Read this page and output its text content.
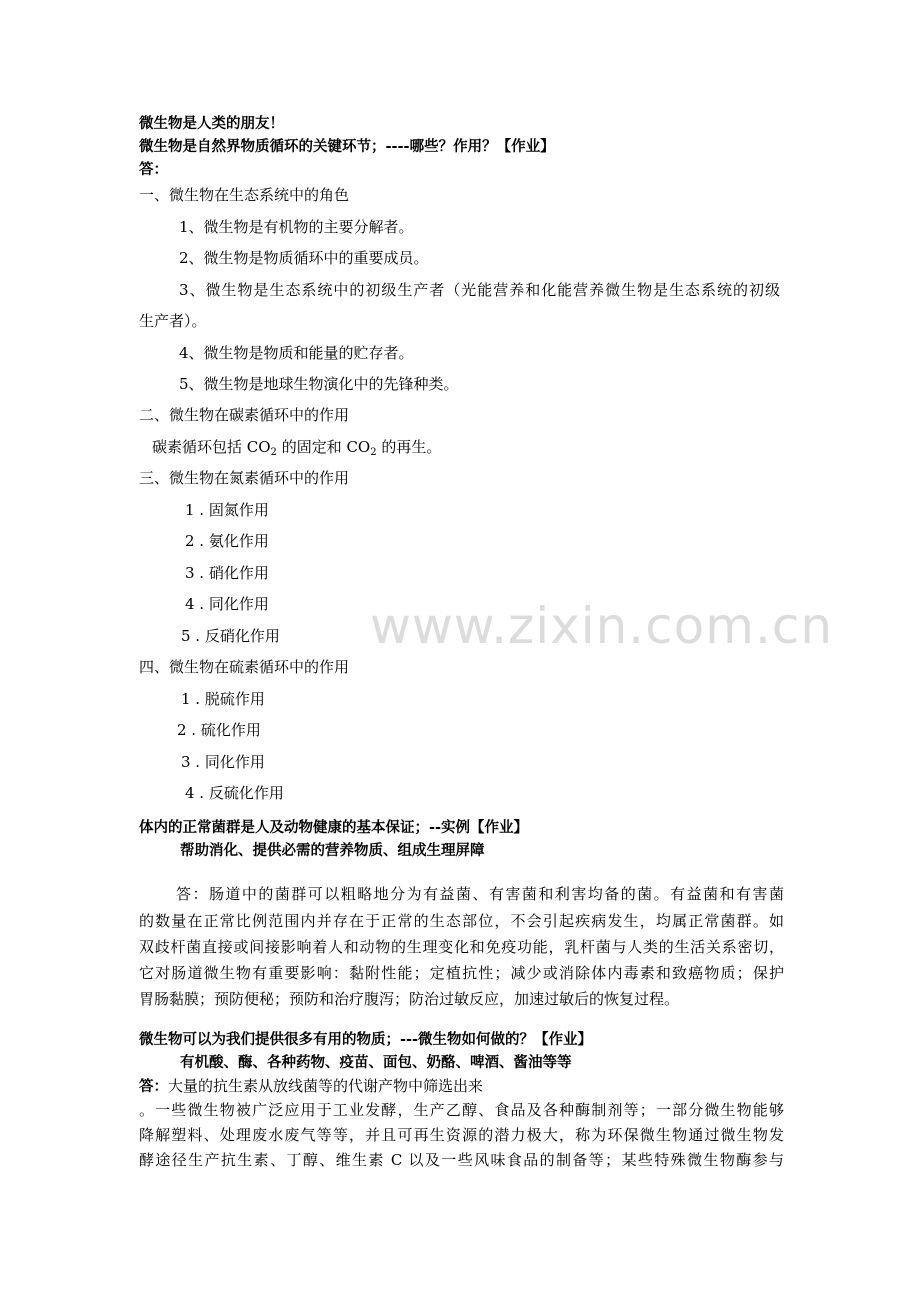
www.zixin.com.cn
微生物是人类的朋友！
微生物是自然界物质循环的关键环节；----哪些？作用？【作业】
答：
一、微生物在生态系统中的角色
1、微生物是有机物的主要分解者。
2、微生物是物质循环中的重要成员。
3、微生物是生态系统中的初级生产者（光能营养和化能营养微生物是生态系统的初级
生产者）。
4、微生物是物质和能量的贮存者。
5、微生物是地球生物演化中的先锋种类。
二、微生物在碳素循环中的作用
碳素循环包括 $CO_2$ 的固定和 $CO_2$ 的再生。
三、微生物在氮素循环中的作用
1 . 固氮作用
2 . 氨化作用
3 . 硝化作用
4 . 同化作用
5 . 反硝化作用
四、微生物在硫素循环中的作用
1 . 脱硫作用
2 . 硫化作用
3 . 同化作用
4 . 反硫化作用
体内的正常菌群是人及动物健康的基本保证；--实例【作业】
帮助消化、提供必需的营养物质、组成生理屏障
答：肠道中的菌群可以粗略地分为有益菌、有害菌和利害均备的菌。有益菌和有害菌
的数量在正常比例范围内并存在于正常的生态部位，不会引起疾病发生，均属正常菌群。如
双歧杆菌直接或间接影响着人和动物的生理变化和免疫功能，乳杆菌与人类的生活关系密切，
它对肠道微生物有重要影响：黏附性能；定植抗性；减少或消除体内毒素和致癌物质；保护
胃肠黏膜；预防便秘；预防和治疗腹泻；防治过敏反应，加速过敏后的恢复过程。
微生物可以为我们提供很多有用的物质；---微生物如何做的？【作业】
有机酸、酶、各种药物、疫苗、面包、奶酪、啤酒、酱油等等
答：大量的抗生素从放线菌等的代谢产物中筛选出来
。一些微生物被广泛应用于工业发酵，生产乙醇、食品及各种酶制剂等；一部分微生物能够
降解塑料、处理废水废气等等，并且可再生资源的潜力极大，称为环保微生物通过微生物发
酵途径生产抗生素、丁醇、维生素 C 以及一些风味食品的制备等；某些特殊微生物酶参与
